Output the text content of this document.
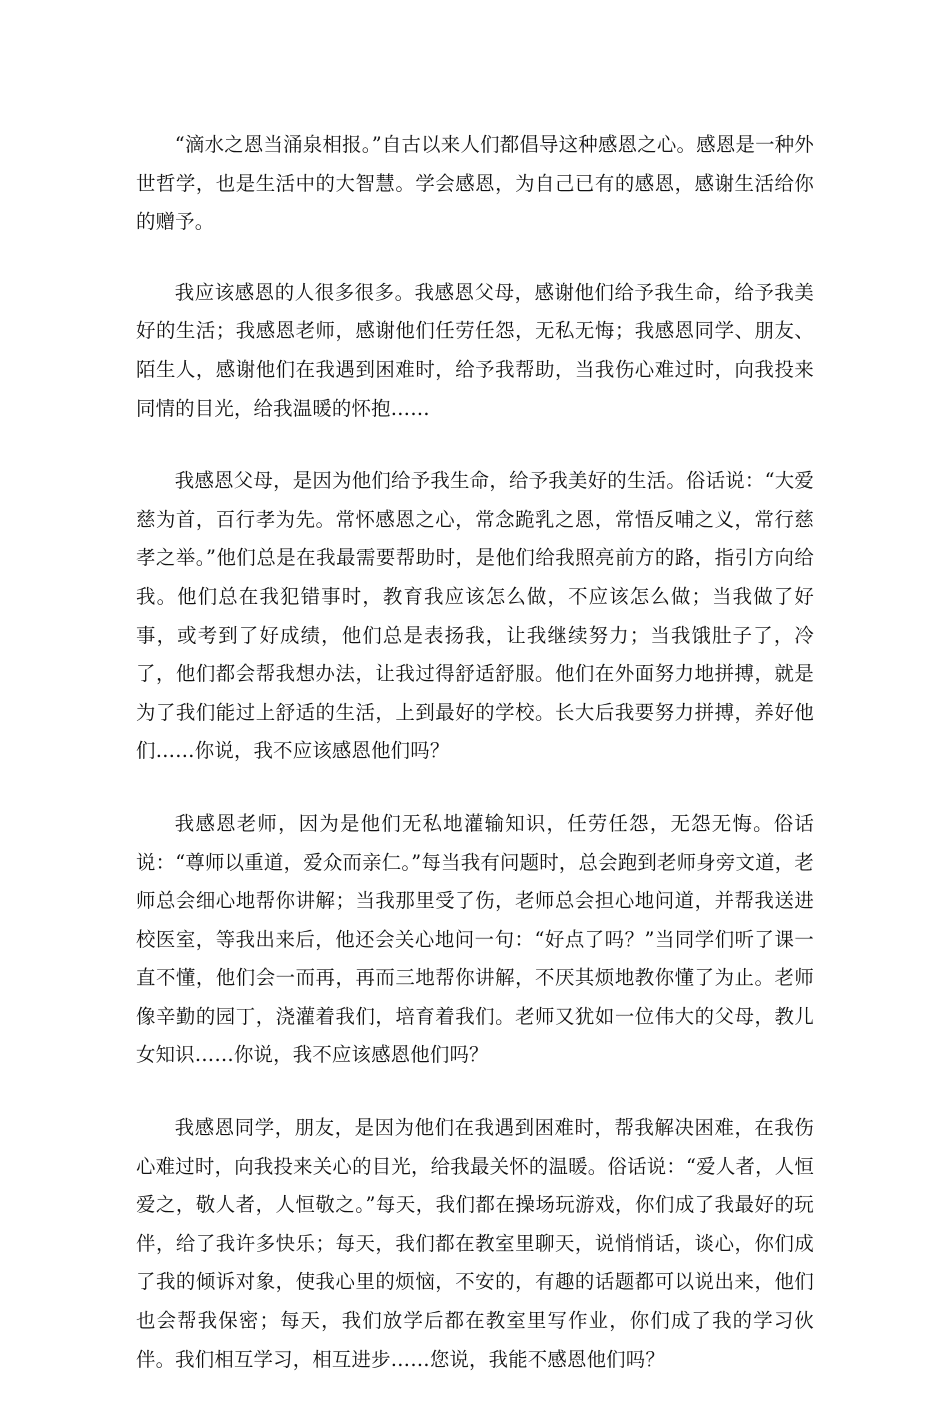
“滴水之恩当涌泉相报。”自古以来人们都倡导这种感恩之心。感恩是一种外世哲学，也是生活中的大智慧。学会感恩，为自己已有的感恩，感谢生活给你的赠予。

我应该感恩的人很多很多。我感恩父母，感谢他们给予我生命，给予我美好的生活；我感恩老师，感谢他们任劳任怨，无私无悔；我感恩同学、朋友、陌生人，感谢他们在我遇到困难时，给予我帮助，当我伤心难过时，向我投来同情的目光，给我温暖的怀抱……

我感恩父母，是因为他们给予我生命，给予我美好的生活。俗话说：“大爱慈为首，百行孝为先。常怀感恩之心，常念跪乳之恩，常悟反哺之义，常行慈孝之举。”他们总是在我最需要帮助时，是他们给我照亮前方的路，指引方向给我。他们总在我犯错事时，教育我应该怎么做，不应该怎么做；当我做了好事，或考到了好成绩，他们总是表扬我，让我继续努力；当我饿肚子了，冷了，他们都会帮我想办法，让我过得舒适舒服。他们在外面努力地拼搏，就是为了我们能过上舒适的生活，上到最好的学校。长大后我要努力拼搏，养好他们……你说，我不应该感恩他们吗？

我感恩老师，因为是他们无私地灌输知识，任劳任怨，无怨无悔。俗话说：“尊师以重道，爱众而亲仁。”每当我有问题时，总会跑到老师身旁文道，老师总会细心地帮你讲解；当我那里受了伤，老师总会担心地问道，并帮我送进校医室，等我出来后，他还会关心地问一句：“好点了吗？”当同学们听了课一直不懂，他们会一而再，再而三地帮你讲解，不厌其烦地教你懂了为止。老师像辛勤的园丁，浇灌着我们，培育着我们。老师又犹如一位伟大的父母，教儿女知识……你说，我不应该感恩他们吗？

我感恩同学，朋友，是因为他们在我遇到困难时，帮我解决困难，在我伤心难过时，向我投来关心的目光，给我最关怀的温暖。俗话说：“爱人者，人恒爱之，敬人者，人恒敬之。”每天，我们都在操场玩游戏，你们成了我最好的玩伴，给了我许多快乐；每天，我们都在教室里聊天，说悄悄话，谈心，你们成了我的倾诉对象，使我心里的烦恼，不安的，有趣的话题都可以说出来，他们也会帮我保密；每天，我们放学后都在教室里写作业，你们成了我的学习伙伴。我们相互学习，相互进步……您说，我能不感恩他们吗？
